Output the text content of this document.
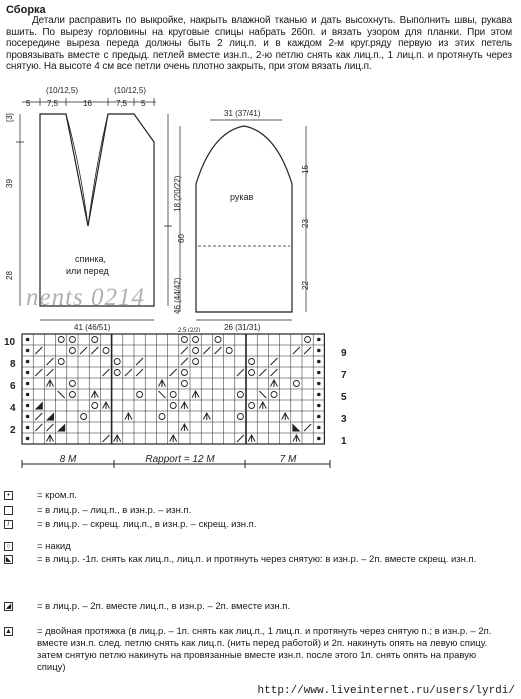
Сборка
Детали расправить по выкройке, накрыть влажной тканью и дать высохнуть. Выполнить швы, рукава вшить. По вырезу горловины на круговые спицы набрать 260п. и вязать узором для планки. При этом посередине выреза переда должны быть 2 лиц.п. и в каждом 2-м круг.ряду первую из этих петель провязывать вместе с предыд. петлей вместе изн.п., 2-ю петлю снять как лиц.п., 1 лиц.п. и протянуть через снятую. На высоте 4 см все петли очень плотно закрыть, при этом вязать лиц.п.
(10/12,5)	(10/12,5)
5 7,5	16	7,5 5
[3]
39
28
18 (20/22)
46 (44/42)
спинка,
или перед
41 (46/51)
31 (37/41)
рукав
60
15
23
22
26 (31/31)
2,5 (2/2)
nents 0214
10
8
6
4
2
9
7
5
3
1
8 M	Rapport = 12 M	7 M
•	= кром.п.
= в лиц.р. – лиц.п., в изн.р. – изн.п.
/	= в лиц.р. – скрещ. лиц.п., в изн.р. – скрещ. изн.п.
○	= накид
◣	= в лиц.р. -1п. снять как лиц.п., лиц.п. и протянуть через снятую: в изн.р. – 2п. вместе скрещ. изн.п.
◢	= в лиц.р. – 2п. вместе лиц.п., в изн.р. – 2п. вместе изн.п.
▲	= двойная протяжка (в лиц.р. – 1п. снять как лиц.п., 1 лиц.п. и протянуть через снятую п.; в изн.р. – 2п. вместе изн.п. след. петлю снять как лиц.п. (нить перед работой) и 2п. накинуть опять на левую спицу. затем снятую петлю накинуть на провязанные вместе изн.п. после этого 1п. снять опять на правую спицу)
http://www.liveinternet.ru/users/lyrdi/
